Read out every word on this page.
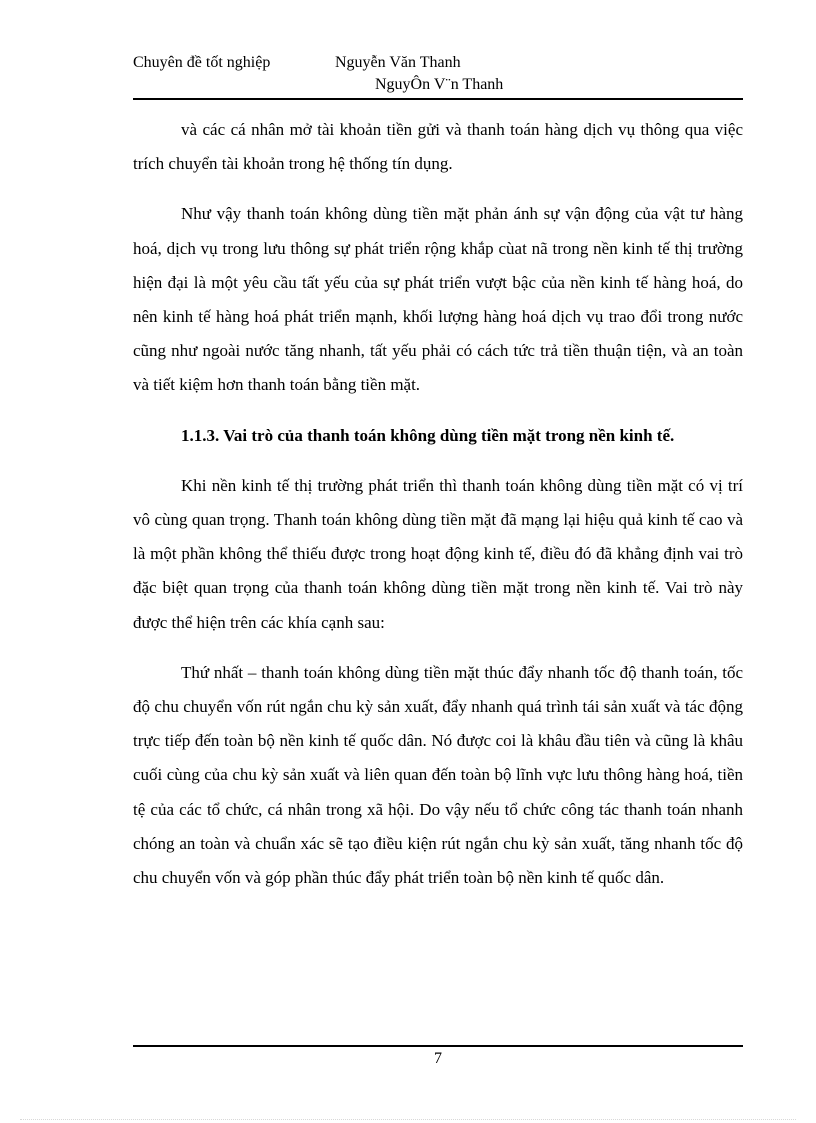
Chuyên đề tốt nghiệp	Nguyễn Văn Thanh
NguyÔn V¨n Thanh

và các cá nhân mở tài khoản tiền gửi và thanh toán hàng dịch vụ thông qua việc trích chuyển tài khoản trong hệ thống tín dụng.

Như vậy thanh toán không dùng tiền mặt phản ánh sự vận động của vật tư hàng hoá, dịch vụ trong lưu thông sự phát triển rộng khắp cùat nã trong nền kinh tế thị trường hiện đại là một yêu cầu tất yếu của sự phát triển vượt bậc của nền kinh tế hàng hoá, do nên kinh tế hàng hoá phát triển mạnh, khối lượng hàng hoá dịch vụ trao đổi trong nước cũng như ngoài nước tăng nhanh, tất yếu phải có cách tức trả tiền thuận tiện, và an toàn và tiết kiệm hơn thanh toán bằng tiền mặt.

1.1.3. Vai trò của thanh toán không dùng tiền mặt trong nền kinh tế.

Khi nền kinh tế thị trường phát triển thì thanh toán không dùng tiền mặt có vị trí vô cùng quan trọng. Thanh toán không dùng tiền mặt đã mạng lại hiệu quả kinh tế cao và là một phần không thể thiếu được trong hoạt động kinh tế, điều đó đã khẳng định vai trò đặc biệt quan trọng của thanh toán không dùng tiền mặt trong nền kinh tế. Vai trò này được thể hiện trên các khía cạnh sau:

Thứ nhất – thanh toán không dùng tiền mặt thúc đẩy nhanh tốc độ thanh toán, tốc độ chu chuyển vốn rút ngắn chu kỳ sản xuất, đẩy nhanh quá trình tái sản xuất và tác động trực tiếp đến toàn bộ nền kinh tế quốc dân. Nó được coi là khâu đầu tiên và cũng là khâu cuối cùng của chu kỳ sản xuất và liên quan đến toàn bộ lĩnh vực lưu thông hàng hoá, tiền tệ của các tổ chức, cá nhân trong xã hội. Do vậy nếu tổ chức công tác thanh toán nhanh chóng an toàn và chuẩn xác sẽ tạo điều kiện rút ngắn chu kỳ sản xuất, tăng nhanh tốc độ chu chuyển vốn và góp phần thúc đẩy phát triển toàn bộ nền kinh tế quốc dân.

7
